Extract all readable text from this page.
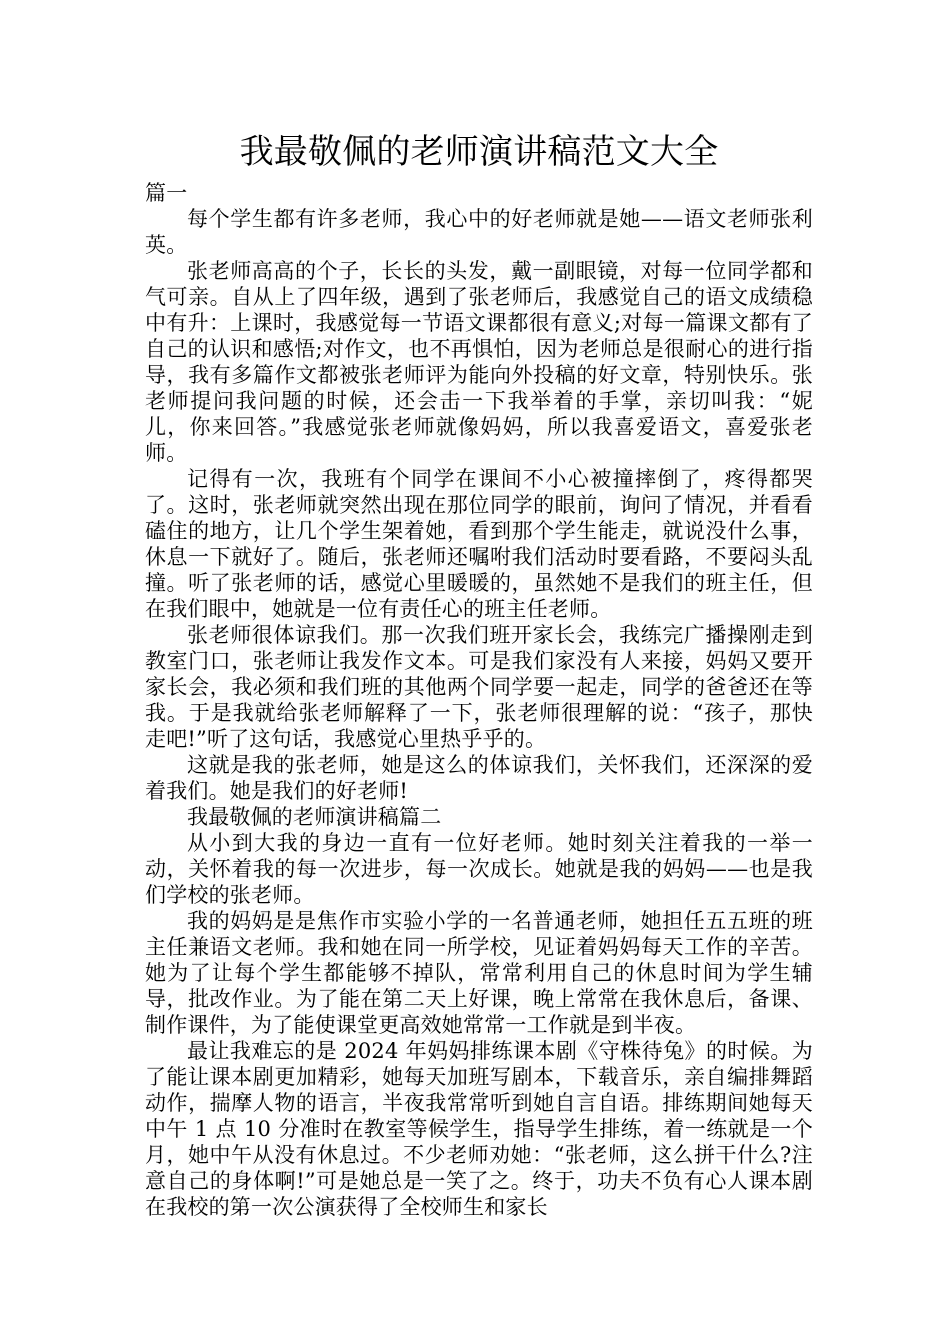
我最敬佩的老师演讲稿范文大全

篇一

每个学生都有许多老师，我心中的好老师就是她——语文老师张利英。

张老师高高的个子，长长的头发，戴一副眼镜，对每一位同学都和气可亲。自从上了四年级，遇到了张老师后，我感觉自己的语文成绩稳中有升：上课时，我感觉每一节语文课都很有意义;对每一篇课文都有了自己的认识和感悟;对作文，也不再惧怕，因为老师总是很耐心的进行指导，我有多篇作文都被张老师评为能向外投稿的好文章，特别快乐。张老师提问我问题的时候，还会击一下我举着的手掌，亲切叫我：“妮儿，你来回答。”我感觉张老师就像妈妈，所以我喜爱语文，喜爱张老师。

记得有一次，我班有个同学在课间不小心被撞摔倒了，疼得都哭了。这时，张老师就突然出现在那位同学的眼前，询问了情况，并看看磕住的地方，让几个学生架着她，看到那个学生能走，就说没什么事，休息一下就好了。随后，张老师还嘱咐我们活动时要看路，不要闷头乱撞。听了张老师的话，感觉心里暖暖的，虽然她不是我们的班主任，但在我们眼中，她就是一位有责任心的班主任老师。

张老师很体谅我们。那一次我们班开家长会，我练完广播操刚走到教室门口，张老师让我发作文本。可是我们家没有人来接，妈妈又要开家长会，我必须和我们班的其他两个同学要一起走，同学的爸爸还在等我。于是我就给张老师解释了一下，张老师很理解的说：“孩子，那快走吧!”听了这句话，我感觉心里热乎乎的。

这就是我的张老师，她是这么的体谅我们，关怀我们，还深深的爱着我们。她是我们的好老师!

我最敬佩的老师演讲稿篇二

从小到大我的身边一直有一位好老师。她时刻关注着我的一举一动，关怀着我的每一次进步，每一次成长。她就是我的妈妈——也是我们学校的张老师。

我的妈妈是是焦作市实验小学的一名普通老师，她担任五五班的班主任兼语文老师。我和她在同一所学校，见证着妈妈每天工作的辛苦。她为了让每个学生都能够不掉队，常常利用自己的休息时间为学生辅导，批改作业。为了能在第二天上好课，晚上常常在我休息后，备课、制作课件，为了能使课堂更高效她常常一工作就是到半夜。

最让我难忘的是 2024 年妈妈排练课本剧《守株待兔》的时候。为了能让课本剧更加精彩，她每天加班写剧本，下载音乐，亲自编排舞蹈动作，揣摩人物的语言，半夜我常常听到她自言自语。排练期间她每天中午 1 点 10 分准时在教室等候学生，指导学生排练，着一练就是一个月，她中午从没有休息过。不少老师劝她：“张老师，这么拼干什么?注意自己的身体啊!”可是她总是一笑了之。终于，功夫不负有心人课本剧在我校的第一次公演获得了全校师生和家长
